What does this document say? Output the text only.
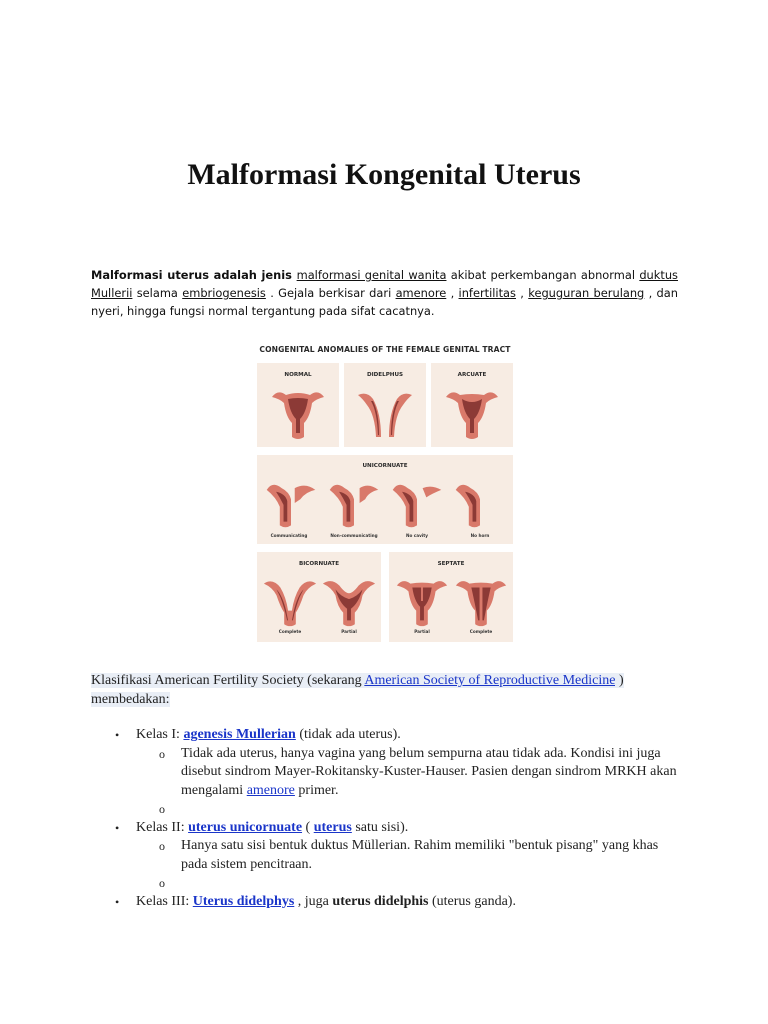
Malformasi Kongenital Uterus

Malformasi uterus adalah jenis malformasi genital wanita akibat perkembangan abnormal duktus Mullerii selama embriogenesis . Gejala berkisar dari amenore , infertilitas , keguguran berulang , dan nyeri, hingga fungsi normal tergantung pada sifat cacatnya.

CONGENITAL ANOMALIES OF THE FEMALE GENITAL TRACT
NORMAL	DIDELPHUS	ARCUATE
UNICORNUATE
Communicating	Non-communicating	No cavity	No horn
BICORNUATE
Complete	Partial
SEPTATE
Partial	Complete

Klasifikasi American Fertility Society (sekarang American Society of Reproductive Medicine )
membedakan:

• Kelas I: agenesis Mullerian (tidak ada uterus).
o Tidak ada uterus, hanya vagina yang belum sempurna atau tidak ada. Kondisi ini juga disebut sindrom Mayer-Rokitansky-Kuster-Hauser. Pasien dengan sindrom MRKH akan mengalami amenore primer.
o

• Kelas II: uterus unicornuate ( uterus satu sisi).
o Hanya satu sisi bentuk duktus Müllerian. Rahim memiliki "bentuk pisang" yang khas pada sistem pencitraan.
o

• Kelas III: Uterus didelphys , juga uterus didelphis (uterus ganda).
